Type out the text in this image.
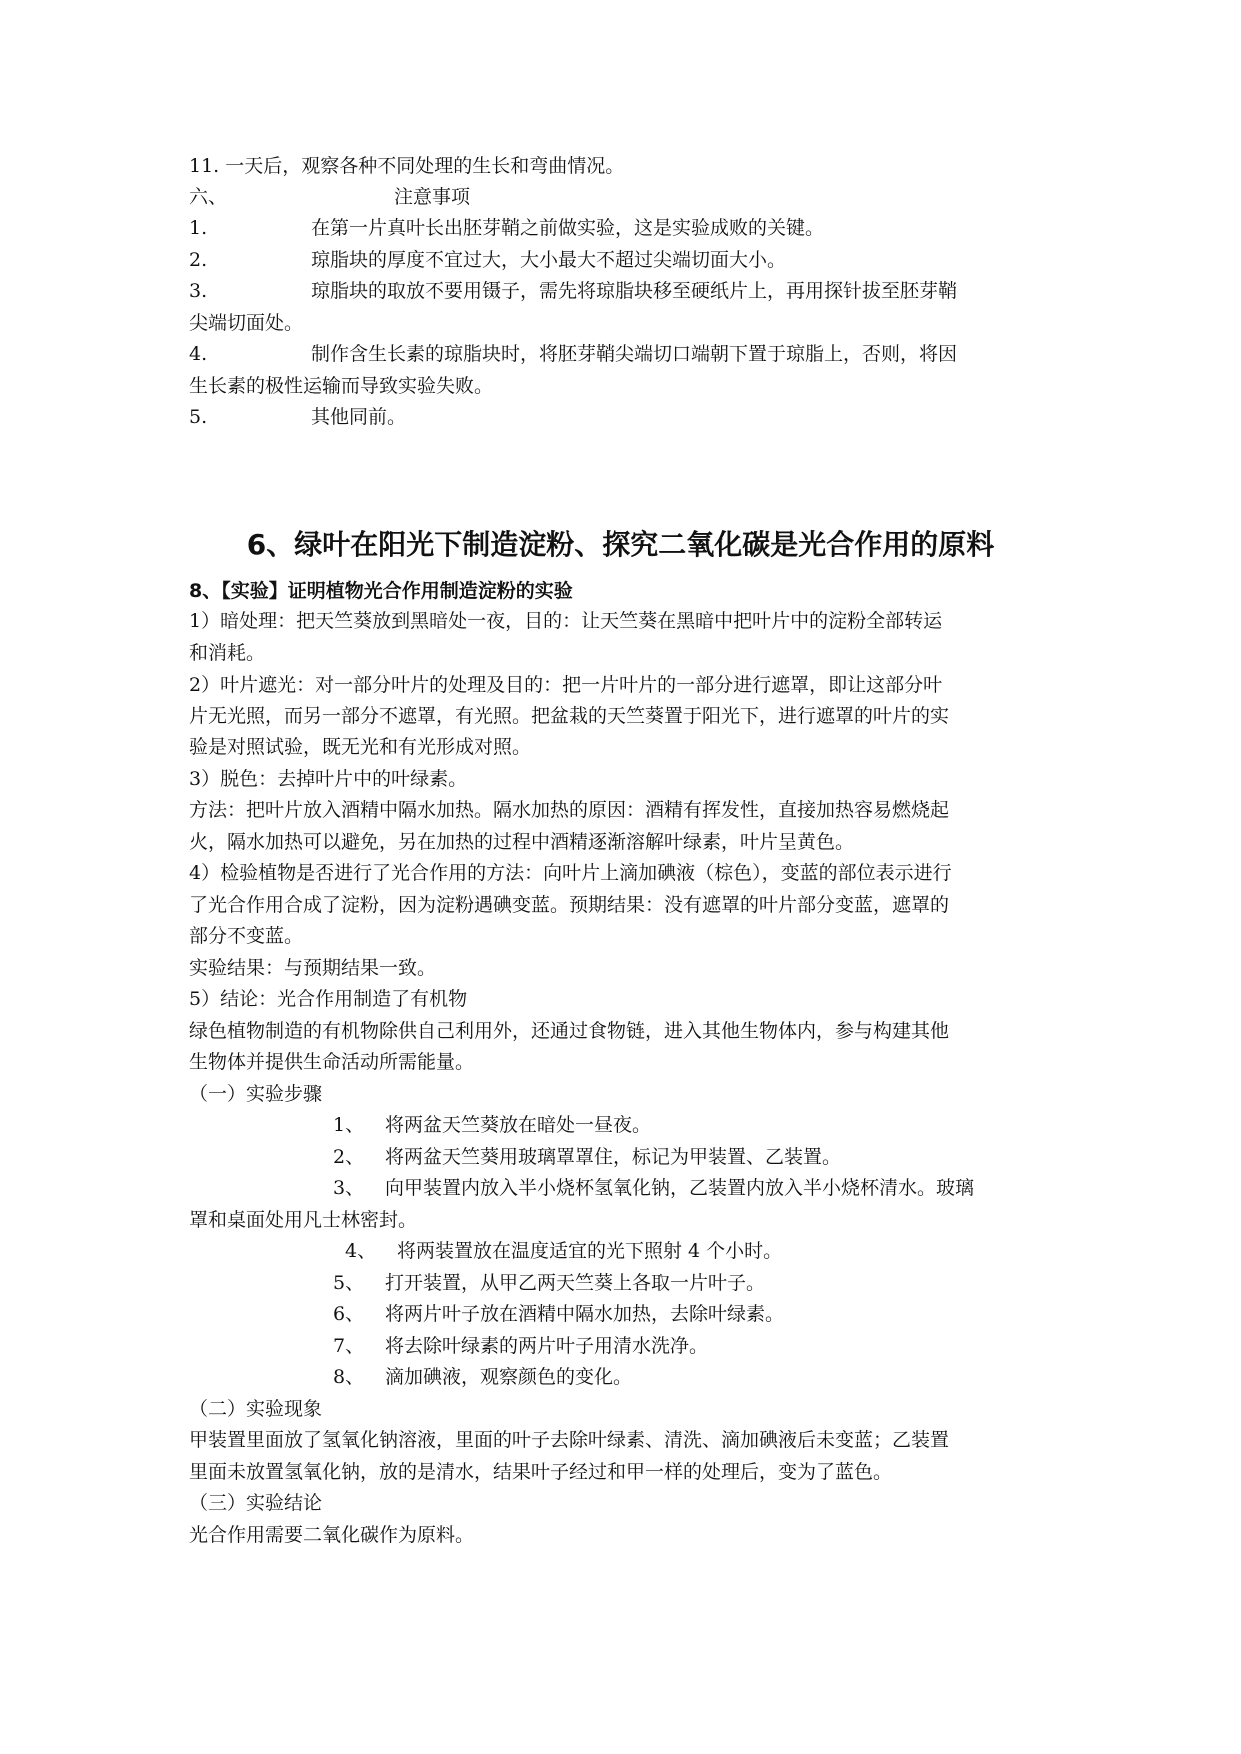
11. 一天后，观察各种不同处理的生长和弯曲情况。
六、	注意事项
1.	在第一片真叶长出胚芽鞘之前做实验，这是实验成败的关键。
2.	琼脂块的厚度不宜过大，大小最大不超过尖端切面大小。
3.	琼脂块的取放不要用镊子，需先将琼脂块移至硬纸片上，再用探针拔至胚芽鞘
尖端切面处。
4.	制作含生长素的琼脂块时，将胚芽鞘尖端切口端朝下置于琼脂上，否则，将因
生长素的极性运输而导致实验失败。
5.	其他同前。
6、绿叶在阳光下制造淀粉、探究二氧化碳是光合作用的原料
8、【实验】证明植物光合作用制造淀粉的实验
1）暗处理：把天竺葵放到黑暗处一夜，目的：让天竺葵在黑暗中把叶片中的淀粉全部转运
和消耗。
2）叶片遮光：对一部分叶片的处理及目的：把一片叶片的一部分进行遮罩，即让这部分叶
片无光照，而另一部分不遮罩，有光照。把盆栽的天竺葵置于阳光下，进行遮罩的叶片的实
验是对照试验，既无光和有光形成对照。
3）脱色：去掉叶片中的叶绿素。
方法：把叶片放入酒精中隔水加热。隔水加热的原因：酒精有挥发性，直接加热容易燃烧起
火，隔水加热可以避免，另在加热的过程中酒精逐渐溶解叶绿素，叶片呈黄色。
4）检验植物是否进行了光合作用的方法：向叶片上滴加碘液（棕色），变蓝的部位表示进行
了光合作用合成了淀粉，因为淀粉遇碘变蓝。预期结果：没有遮罩的叶片部分变蓝，遮罩的
部分不变蓝。
实验结果：与预期结果一致。
5）结论：光合作用制造了有机物
绿色植物制造的有机物除供自己利用外，还通过食物链，进入其他生物体内，参与构建其他
生物体并提供生命活动所需能量。
（一）实验步骤
1、 将两盆天竺葵放在暗处一昼夜。
2、 将两盆天竺葵用玻璃罩罩住，标记为甲装置、乙装置。
3、 向甲装置内放入半小烧杯氢氧化钠，乙装置内放入半小烧杯清水。玻璃
罩和桌面处用凡士林密封。
4、 将两装置放在温度适宜的光下照射 4 个小时。
5、 打开装置，从甲乙两天竺葵上各取一片叶子。
6、 将两片叶子放在酒精中隔水加热，去除叶绿素。
7、 将去除叶绿素的两片叶子用清水洗净。
8、 滴加碘液，观察颜色的变化。
（二）实验现象
甲装置里面放了氢氧化钠溶液，里面的叶子去除叶绿素、清洗、滴加碘液后未变蓝；乙装置
里面未放置氢氧化钠，放的是清水，结果叶子经过和甲一样的处理后，变为了蓝色。
（三）实验结论
光合作用需要二氧化碳作为原料。
